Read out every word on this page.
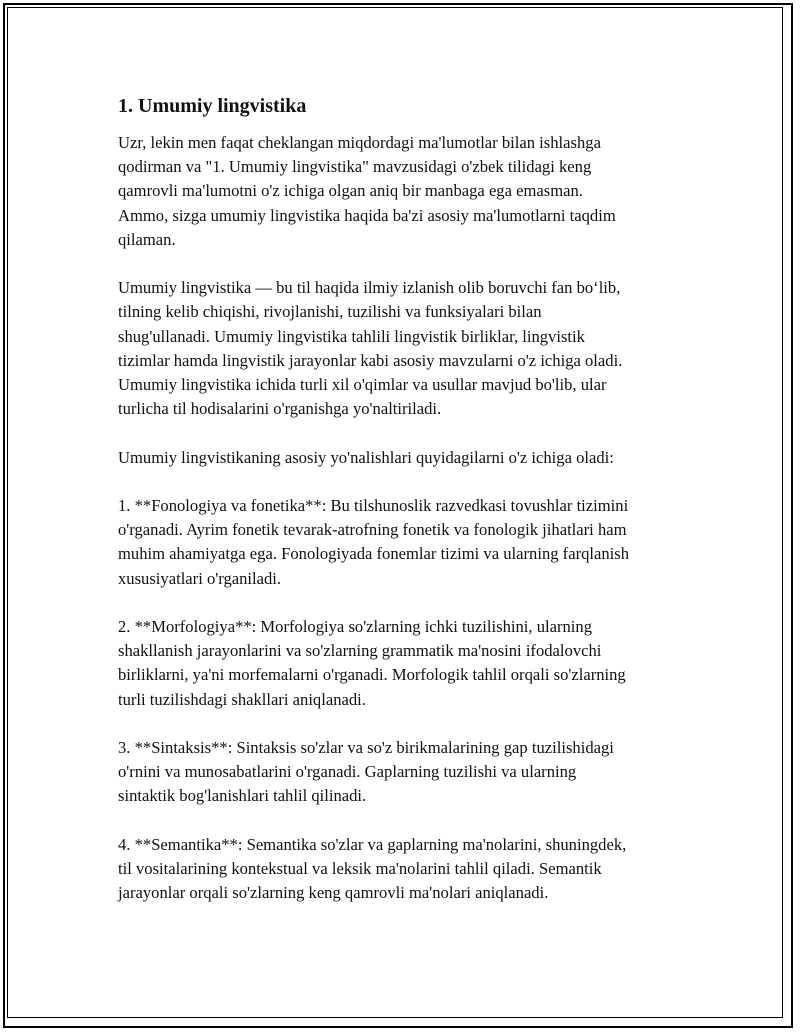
1. Umumiy lingvistika

Uzr, lekin men faqat cheklangan miqdordagi ma'lumotlar bilan ishlashga
qodirman va "1. Umumiy lingvistika" mavzusidagi o'zbek tilidagi keng
qamrovli ma'lumotni o'z ichiga olgan aniq bir manbaga ega emasman.
Ammo, sizga umumiy lingvistika haqida ba'zi asosiy ma'lumotlarni taqdim
qilaman.

Umumiy lingvistika — bu til haqida ilmiy izlanish olib boruvchi fan bo‘lib,
tilning kelib chiqishi, rivojlanishi, tuzilishi va funksiyalari bilan
shug'ullanadi. Umumiy lingvistika tahlili lingvistik birliklar, lingvistik
tizimlar hamda lingvistik jarayonlar kabi asosiy mavzularni o'z ichiga oladi.
Umumiy lingvistika ichida turli xil o'qimlar va usullar mavjud bo'lib, ular
turlicha til hodisalarini o'rganishga yo'naltiriladi.

Umumiy lingvistikaning asosiy yo'nalishlari quyidagilarni o'z ichiga oladi:

1. **Fonologiya va fonetika**: Bu tilshunoslik razvedkasi tovushlar tizimini
o'rganadi. Ayrim fonetik tevarak-atrofning fonetik va fonologik jihatlari ham
muhim ahamiyatga ega. Fonologiyada fonemlar tizimi va ularning farqlanish
xususiyatlari o'rganiladi.

2. **Morfologiya**: Morfologiya so'zlarning ichki tuzilishini, ularning
shakllanish jarayonlarini va so'zlarning grammatik ma'nosini ifodalovchi
birliklarni, ya'ni morfemalarni o'rganadi. Morfologik tahlil orqali so'zlarning
turli tuzilishdagi shakllari aniqlanadi.

3. **Sintaksis**: Sintaksis so'zlar va so'z birikmalarining gap tuzilishidagi
o'rnini va munosabatlarini o'rganadi. Gaplarning tuzilishi va ularning
sintaktik bog'lanishlari tahlil qilinadi.

4. **Semantika**: Semantika so'zlar va gaplarning ma'nolarini, shuningdek,
til vositalarining kontekstual va leksik ma'nolarini tahlil qiladi. Semantik
jarayonlar orqali so'zlarning keng qamrovli ma'nolari aniqlanadi.
